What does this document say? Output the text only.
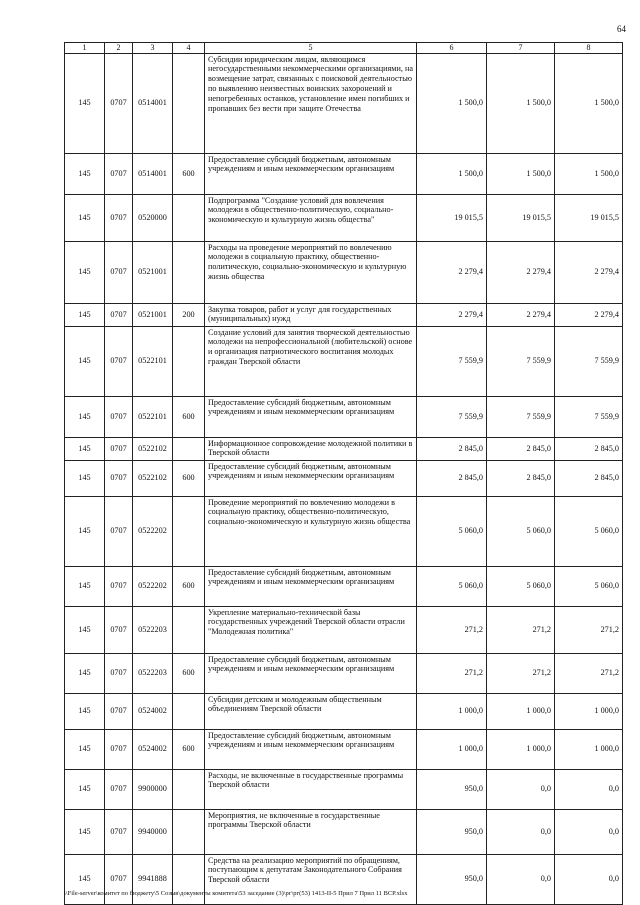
64
1	2	3	4	5	6	7	8
145	0707	0514001		Субсидии юридическим лицам, являющимся негосударственными некоммерческими организациями, на возмещение затрат, связанных с поисковой деятельностью по выявлению неизвестных воинских захоронений и непогребенных останков, установление имен погибших и пропавших без вести при защите Отечества	1 500,0	1 500,0	1 500,0
145	0707	0514001	600	Предоставление субсидий бюджетным, автономным учреждениям и иным некоммерческим организациям	1 500,0	1 500,0	1 500,0
145	0707	0520000		Подпрограмма "Создание условий для вовлечения молодежи в общественно-политическую, социально-экономическую и культурную жизнь общества"	19 015,5	19 015,5	19 015,5
145	0707	0521001		Расходы на проведение мероприятий по вовлечению молодежи в социальную практику, общественно-политическую, социально-экономическую и культурную жизнь общества	2 279,4	2 279,4	2 279,4
145	0707	0521001	200	Закупка товаров, работ и услуг для государственных (муниципальных) нужд	2 279,4	2 279,4	2 279,4
145	0707	0522101		Создание условий для занятия творческой деятельностью молодежи на непрофессиональной (любительской) основе и организация патриотического воспитания молодых граждан Тверской области	7 559,9	7 559,9	7 559,9
145	0707	0522101	600	Предоставление субсидий бюджетным, автономным учреждениям и иным некоммерческим организациям	7 559,9	7 559,9	7 559,9
145	0707	0522102		Информационное сопровождение молодежной политики в Тверской области	2 845,0	2 845,0	2 845,0
145	0707	0522102	600	Предоставление субсидий бюджетным, автономным учреждениям и иным некоммерческим организациям	2 845,0	2 845,0	2 845,0
145	0707	0522202		Проведение мероприятий по вовлечению молодежи в социальную практику, общественно-политическую, социально-экономическую и культурную жизнь общества	5 060,0	5 060,0	5 060,0
145	0707	0522202	600	Предоставление субсидий бюджетным, автономным учреждениям и иным некоммерческим организациям	5 060,0	5 060,0	5 060,0
145	0707	0522203		Укрепление материально-технической базы государственных учреждений Тверской области отрасли "Молодежная политика"	271,2	271,2	271,2
145	0707	0522203	600	Предоставление субсидий бюджетным, автономным учреждениям и иным некоммерческим организациям	271,2	271,2	271,2
145	0707	0524002		Субсидии детским и молодежным общественным объединениям Тверской области	1 000,0	1 000,0	1 000,0
145	0707	0524002	600	Предоставление субсидий бюджетным, автономным учреждениям и иным некоммерческим организациям	1 000,0	1 000,0	1 000,0
145	0707	9900000		Расходы, не включенные в государственные программы Тверской области	950,0	0,0	0,0
145	0707	9940000		Мероприятия, не включенные в государственные программы Тверской области	950,0	0,0	0,0
145	0707	9941888		Средства на реализацию мероприятий по обращениям, поступающим к депутатам Законодательного Собрания Тверской области	950,0	0,0	0,0
\\File-server\комитет по бюджету\5 Созыв\документы комитета\53 заседание (3)\рг\рг(53) 1413-II-5 Прил 7 Прил 11 ВСР.xlsx
